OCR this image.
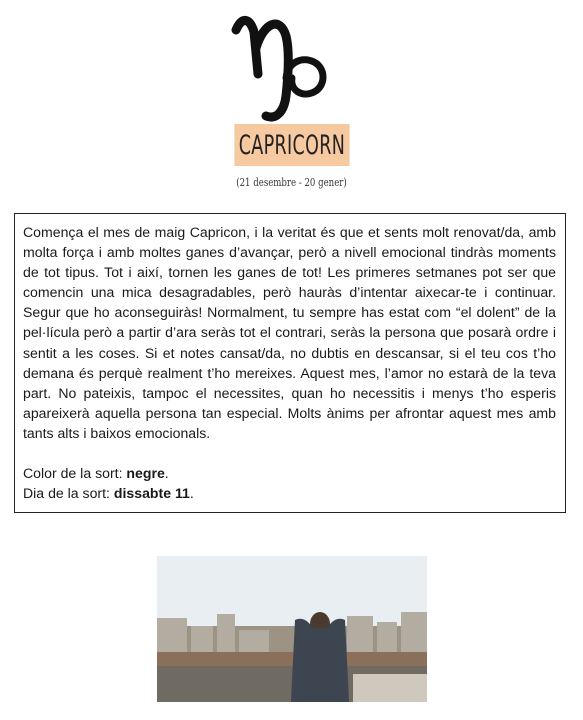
CAPRICORN
(21 desembre - 20 gener)

Comença el mes de maig Capricon, i la veritat és que et sents molt renovat/da, amb molta força i amb moltes ganes d’avançar, però a nivell emocional tindràs moments de tot tipus. Tot i així, tornen les ganes de tot! Les primeres setmanes pot ser que comencin una mica desagradables, però hauràs d’intentar aixecar-te i continuar. Segur que ho aconseguiràs! Normalment, tu sempre has estat com “el dolent” de la pel·lícula però a partir d’ara seràs tot el contrari, seràs la persona que posarà ordre i sentit a les coses. Si et notes cansat/da, no dubtis en descansar, si el teu cos t’ho demana és perquè realment t’ho mereixes. Aquest mes, l’amor no estarà de la teva part. No pateixis, tampoc el necessites, quan ho necessitis i menys t’ho esperis apareixerà aquella persona tan especial. Molts ànims per afrontar aquest mes amb tants alts i baixos emocionals.

Color de la sort: negre.
Dia de la sort: dissabte 11.
